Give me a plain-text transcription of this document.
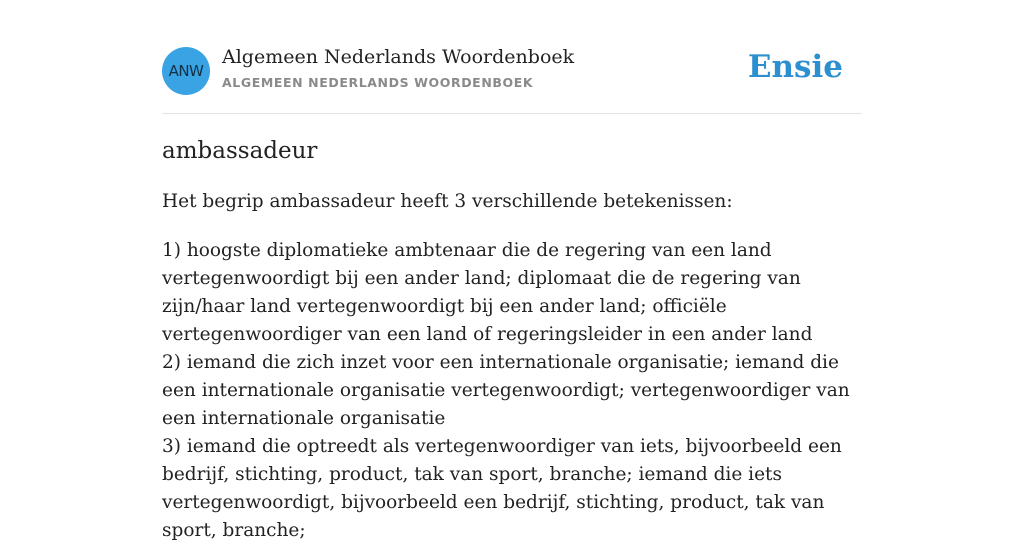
ANW
Algemeen Nederlands Woordenboek
ALGEMEEN NEDERLANDS WOORDENBOEK	Ensie
ambassadeur

Het begrip ambassadeur heeft 3 verschillende betekenissen:

1) hoogste diplomatieke ambtenaar die de regering van een land vertegenwoordigt bij een ander land; diplomaat die de regering van zijn/haar land vertegenwoordigt bij een ander land; officiële vertegenwoordiger van een land of regeringsleider in een ander land
2) iemand die zich inzet voor een internationale organisatie; iemand die een internationale organisatie vertegenwoordigt; vertegenwoordiger van een internationale organisatie
3) iemand die optreedt als vertegenwoordiger van iets, bijvoorbeeld een bedrijf, stichting, product, tak van sport, branche; iemand die iets vertegenwoordigt, bijvoorbeeld een bedrijf, stichting, product, tak van sport, branche;
